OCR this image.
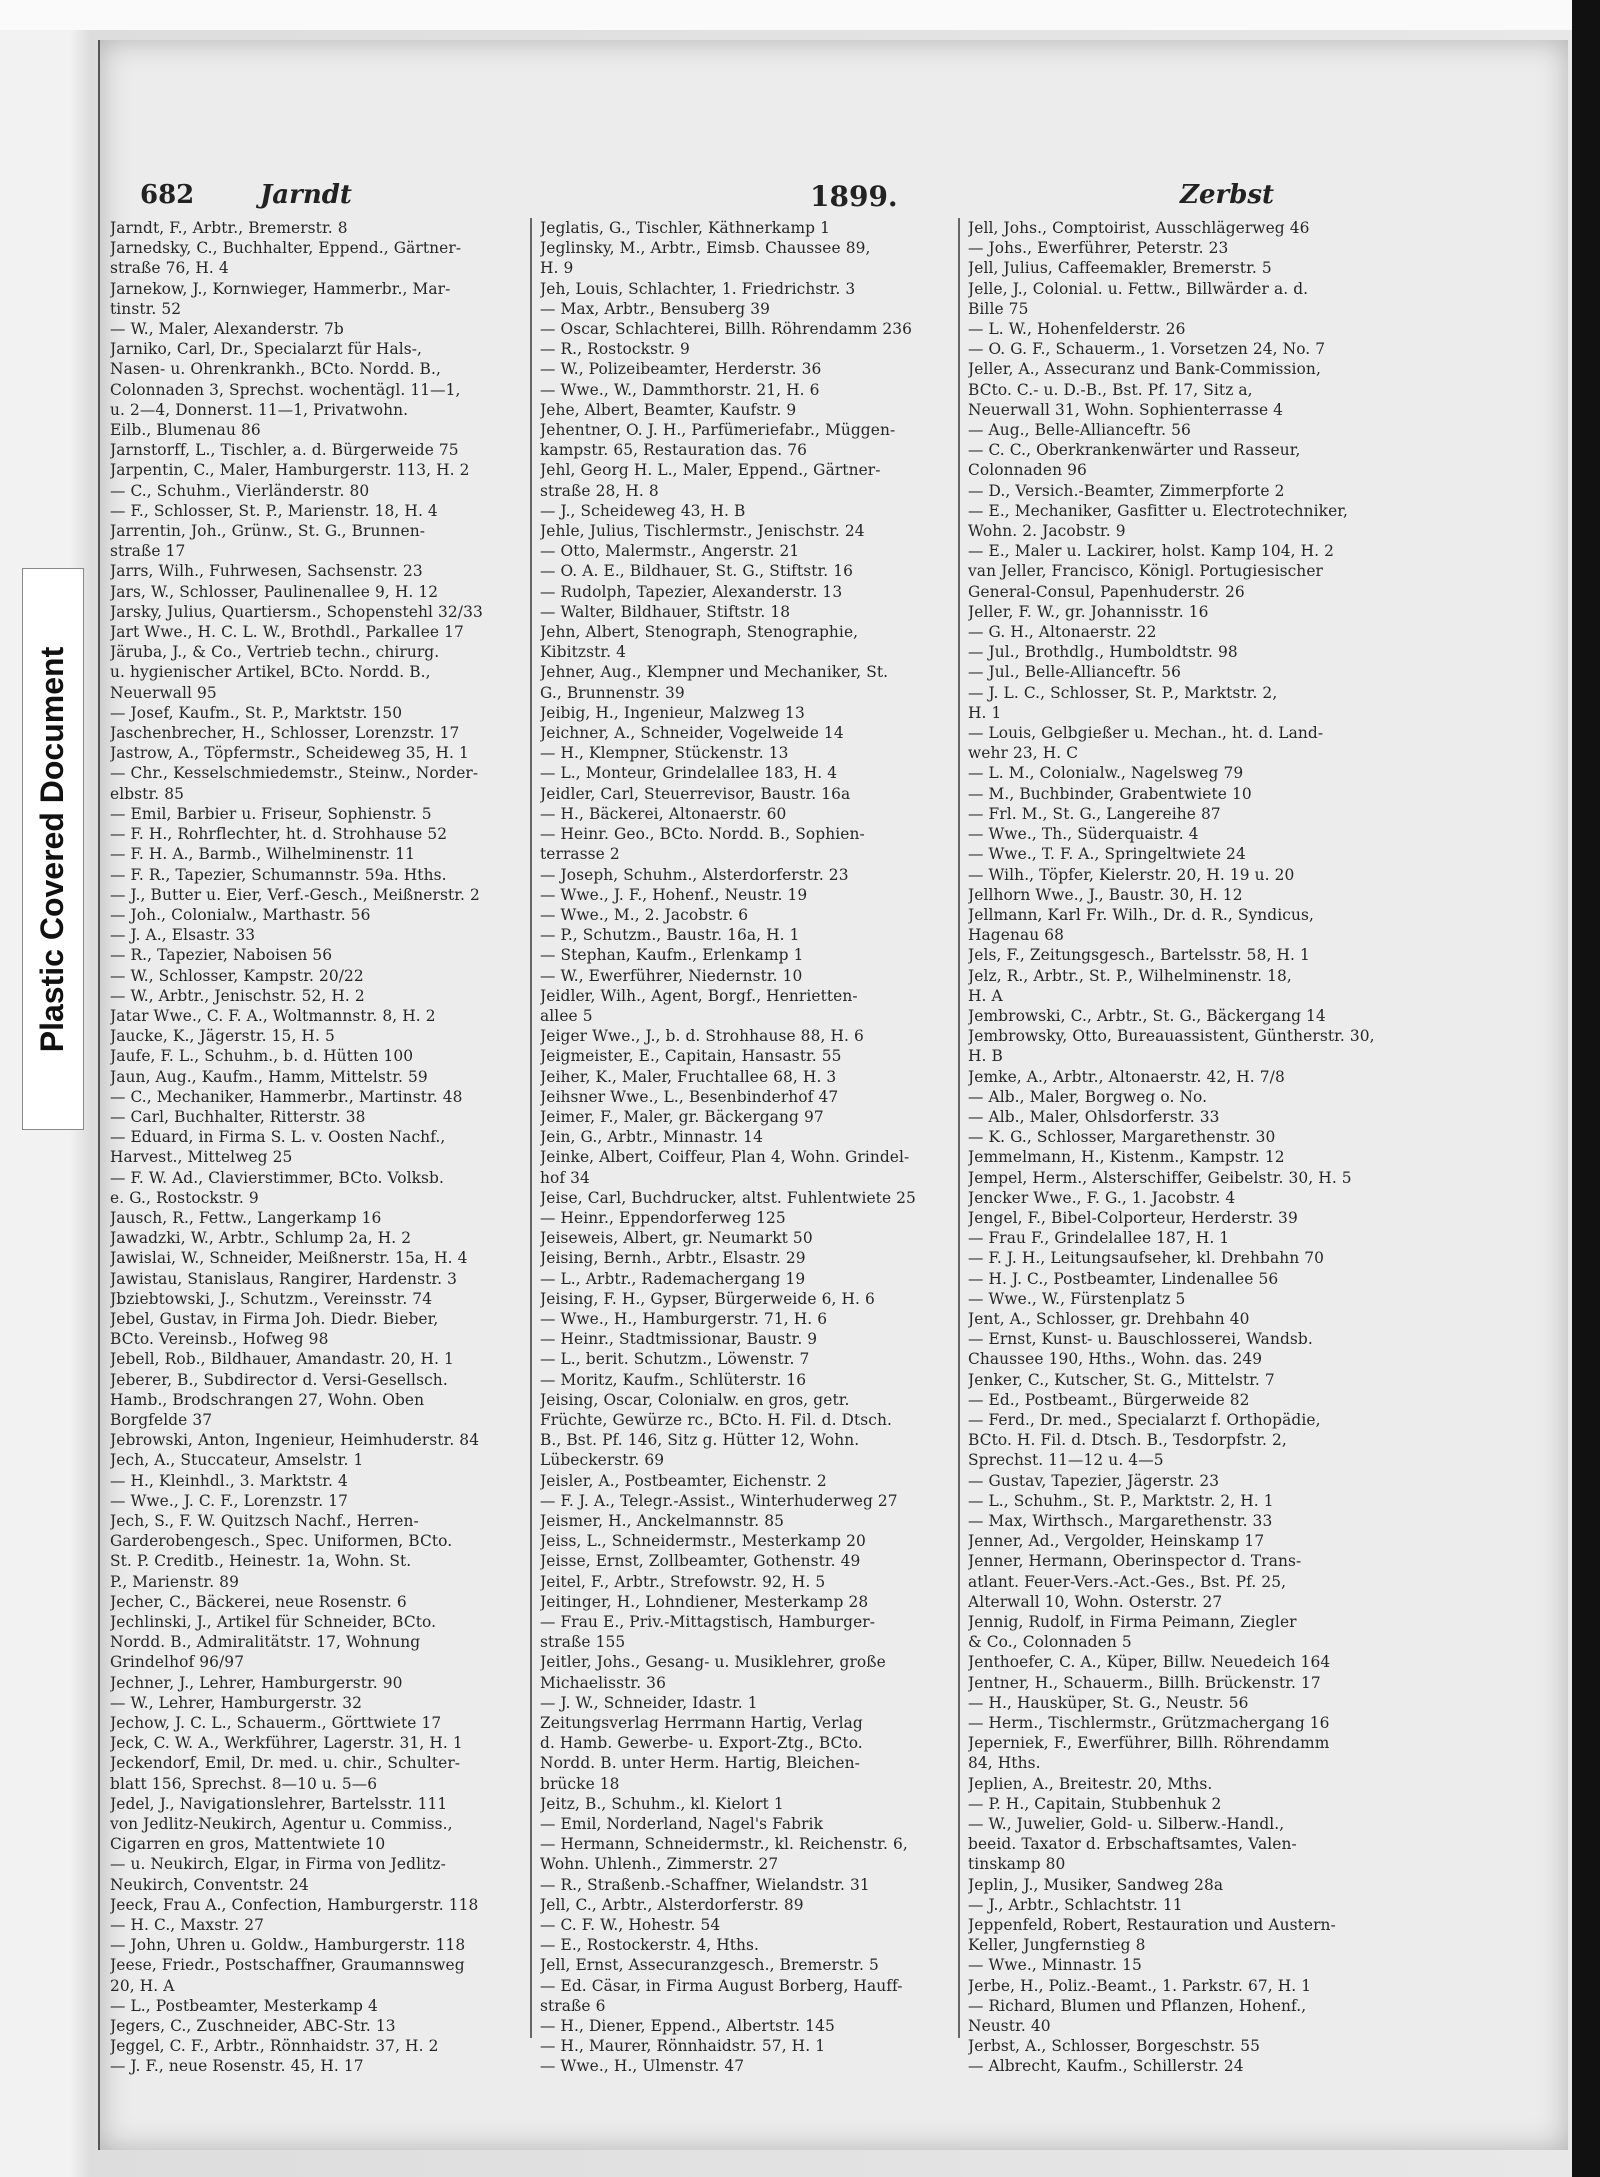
Plastic Covered Document
682	Jarndt	1899.	Zerbst
Jarndt, F., Arbtr., Bremerstr. 8
Jarnedsky, C., Buchhalter, Eppend., Gärtner-
straße 76, H. 4
Jarnekow, J., Kornwieger, Hammerbr., Mar-
tinstr. 52
— W., Maler, Alexanderstr. 7b
Jarniko, Carl, Dr., Specialarzt für Hals-,
Nasen- u. Ohrenkrankh., BCto. Nordd. B.,
Colonnaden 3, Sprechst. wochentägl. 11—1,
u. 2—4, Donnerst. 11—1, Privatwohn.
Eilb., Blumenau 86
Jarnstorff, L., Tischler, a. d. Bürgerweide 75
Jarpentin, C., Maler, Hamburgerstr. 113, H. 2
— C., Schuhm., Vierländerstr. 80
— F., Schlosser, St. P., Marienstr. 18, H. 4
Jarrentin, Joh., Grünw., St. G., Brunnen-
straße 17
Jarrs, Wilh., Fuhrwesen, Sachsenstr. 23
Jars, W., Schlosser, Paulinenallee 9, H. 12
Jarsky, Julius, Quartiersm., Schopenstehl 32/33
Jart Wwe., H. C. L. W., Brothdl., Parkallee 17
Järuba, J., & Co., Vertrieb techn., chirurg.
u. hygienischer Artikel, BCto. Nordd. B.,
Neuerwall 95
— Josef, Kaufm., St. P., Marktstr. 150
Jaschenbrecher, H., Schlosser, Lorenzstr. 17
Jastrow, A., Töpfermstr., Scheideweg 35, H. 1
— Chr., Kesselschmiedemstr., Steinw., Norder-
elbstr. 85
— Emil, Barbier u. Friseur, Sophienstr. 5
— F. H., Rohrflechter, ht. d. Strohhause 52
— F. H. A., Barmb., Wilhelminenstr. 11
— F. R., Tapezier, Schumannstr. 59a. Hths.
— J., Butter u. Eier, Verf.-Gesch., Meißnerstr. 2
— Joh., Colonialw., Marthastr. 56
— J. A., Elsastr. 33
— R., Tapezier, Naboisen 56
— W., Schlosser, Kampstr. 20/22
— W., Arbtr., Jenischstr. 52, H. 2
Jatar Wwe., C. F. A., Woltmannstr. 8, H. 2
Jaucke, K., Jägerstr. 15, H. 5
Jaufe, F. L., Schuhm., b. d. Hütten 100
Jaun, Aug., Kaufm., Hamm, Mittelstr. 59
— C., Mechaniker, Hammerbr., Martinstr. 48
— Carl, Buchhalter, Ritterstr. 38
— Eduard, in Firma S. L. v. Oosten Nachf.,
Harvest., Mittelweg 25
— F. W. Ad., Clavierstimmer, BCto. Volksb.
e. G., Rostockstr. 9
Jausch, R., Fettw., Langerkamp 16
Jawadzki, W., Arbtr., Schlump 2a, H. 2
Jawislai, W., Schneider, Meißnerstr. 15a, H. 4
Jawistau, Stanislaus, Rangirer, Hardenstr. 3
Jbziebtowski, J., Schutzm., Vereinsstr. 74
Jebel, Gustav, in Firma Joh. Diedr. Bieber,
BCto. Vereinsb., Hofweg 98
Jebell, Rob., Bildhauer, Amandastr. 20, H. 1
Jeberer, B., Subdirector d. Versi-Gesellsch.
Hamb., Brodschrangen 27, Wohn. Oben
Borgfelde 37
Jebrowski, Anton, Ingenieur, Heimhuderstr. 84
Jech, A., Stuccateur, Amselstr. 1
— H., Kleinhdl., 3. Marktstr. 4
— Wwe., J. C. F., Lorenzstr. 17
Jech, S., F. W. Quitzsch Nachf., Herren-
Garderobengesch., Spec. Uniformen, BCto.
St. P. Creditb., Heinestr. 1a, Wohn. St.
P., Marienstr. 89
Jecher, C., Bäckerei, neue Rosenstr. 6
Jechlinski, J., Artikel für Schneider, BCto.
Nordd. B., Admiralitätstr. 17, Wohnung
Grindelhof 96/97
Jechner, J., Lehrer, Hamburgerstr. 90
— W., Lehrer, Hamburgerstr. 32
Jechow, J. C. L., Schauerm., Görttwiete 17
Jeck, C. W. A., Werkführer, Lagerstr. 31, H. 1
Jeckendorf, Emil, Dr. med. u. chir., Schulter-
blatt 156, Sprechst. 8—10 u. 5—6
Jedel, J., Navigationslehrer, Bartelsstr. 111
von Jedlitz-Neukirch, Agentur u. Commiss.,
Cigarren en gros, Mattentwiete 10
— u. Neukirch, Elgar, in Firma von Jedlitz-
Neukirch, Conventstr. 24
Jeeck, Frau A., Confection, Hamburgerstr. 118
— H. C., Maxstr. 27
— John, Uhren u. Goldw., Hamburgerstr. 118
Jeese, Friedr., Postschaffner, Graumannsweg
20, H. A
— L., Postbeamter, Mesterkamp 4
Jegers, C., Zuschneider, ABC-Str. 13
Jeggel, C. F., Arbtr., Rönnhaidstr. 37, H. 2
— J. F., neue Rosenstr. 45, H. 17
Jeglatis, G., Tischler, Käthnerkamp 1
Jeglinsky, M., Arbtr., Eimsb. Chaussee 89,
H. 9
Jeh, Louis, Schlachter, 1. Friedrichstr. 3
— Max, Arbtr., Bensuberg 39
— Oscar, Schlachterei, Billh. Röhrendamm 236
— R., Rostockstr. 9
— W., Polizeibeamter, Herderstr. 36
— Wwe., W., Dammthorstr. 21, H. 6
Jehe, Albert, Beamter, Kaufstr. 9
Jehentner, O. J. H., Parfümeriefabr., Müggen-
kampstr. 65, Restauration das. 76
Jehl, Georg H. L., Maler, Eppend., Gärtner-
straße 28, H. 8
— J., Scheideweg 43, H. B
Jehle, Julius, Tischlermstr., Jenischstr. 24
— Otto, Malermstr., Angerstr. 21
— O. A. E., Bildhauer, St. G., Stiftstr. 16
— Rudolph, Tapezier, Alexanderstr. 13
— Walter, Bildhauer, Stiftstr. 18
Jehn, Albert, Stenograph, Stenographie,
Kibitzstr. 4
Jehner, Aug., Klempner und Mechaniker, St.
G., Brunnenstr. 39
Jeibig, H., Ingenieur, Malzweg 13
Jeichner, A., Schneider, Vogelweide 14
— H., Klempner, Stückenstr. 13
— L., Monteur, Grindelallee 183, H. 4
Jeidler, Carl, Steuerrevisor, Baustr. 16a
— H., Bäckerei, Altonaerstr. 60
— Heinr. Geo., BCto. Nordd. B., Sophien-
terrasse 2
— Joseph, Schuhm., Alsterdorferstr. 23
— Wwe., J. F., Hohenf., Neustr. 19
— Wwe., M., 2. Jacobstr. 6
— P., Schutzm., Baustr. 16a, H. 1
— Stephan, Kaufm., Erlenkamp 1
— W., Ewerführer, Niedernstr. 10
Jeidler, Wilh., Agent, Borgf., Henrietten-
allee 5
Jeiger Wwe., J., b. d. Strohhause 88, H. 6
Jeigmeister, E., Capitain, Hansastr. 55
Jeiher, K., Maler, Fruchtallee 68, H. 3
Jeihsner Wwe., L., Besenbinderhof 47
Jeimer, F., Maler, gr. Bäckergang 97
Jein, G., Arbtr., Minnastr. 14
Jeinke, Albert, Coiffeur, Plan 4, Wohn. Grindel-
hof 34
Jeise, Carl, Buchdrucker, altst. Fuhlentwiete 25
— Heinr., Eppendorferweg 125
Jeiseweis, Albert, gr. Neumarkt 50
Jeising, Bernh., Arbtr., Elsastr. 29
— L., Arbtr., Rademachergang 19
Jeising, F. H., Gypser, Bürgerweide 6, H. 6
— Wwe., H., Hamburgerstr. 71, H. 6
— Heinr., Stadtmissionar, Baustr. 9
— L., berit. Schutzm., Löwenstr. 7
— Moritz, Kaufm., Schlüterstr. 16
Jeising, Oscar, Colonialw. en gros, getr.
Früchte, Gewürze rc., BCto. H. Fil. d. Dtsch.
B., Bst. Pf. 146, Sitz g. Hütter 12, Wohn.
Lübeckerstr. 69
Jeisler, A., Postbeamter, Eichenstr. 2
— F. J. A., Telegr.-Assist., Winterhuderweg 27
Jeismer, H., Anckelmannstr. 85
Jeiss, L., Schneidermstr., Mesterkamp 20
Jeisse, Ernst, Zollbeamter, Gothenstr. 49
Jeitel, F., Arbtr., Strefowstr. 92, H. 5
Jeitinger, H., Lohndiener, Mesterkamp 28
— Frau E., Priv.-Mittagstisch, Hamburger-
straße 155
Jeitler, Johs., Gesang- u. Musiklehrer, große
Michaelisstr. 36
— J. W., Schneider, Idastr. 1
Zeitungsverlag Herrmann Hartig, Verlag
d. Hamb. Gewerbe- u. Export-Ztg., BCto.
Nordd. B. unter Herm. Hartig, Bleichen-
brücke 18
Jeitz, B., Schuhm., kl. Kielort 1
— Emil, Norderland, Nagel's Fabrik
— Hermann, Schneidermstr., kl. Reichenstr. 6,
Wohn. Uhlenh., Zimmerstr. 27
— R., Straßenb.-Schaffner, Wielandstr. 31
Jell, C., Arbtr., Alsterdorferstr. 89
— C. F. W., Hohestr. 54
— E., Rostockerstr. 4, Hths.
Jell, Ernst, Assecuranzgesch., Bremerstr. 5
— Ed. Cäsar, in Firma August Borberg, Hauff-
straße 6
— H., Diener, Eppend., Albertstr. 145
— H., Maurer, Rönnhaidstr. 57, H. 1
— Wwe., H., Ulmenstr. 47
Jell, Johs., Comptoirist, Ausschlägerweg 46
— Johs., Ewerführer, Peterstr. 23
Jell, Julius, Caffeemakler, Bremerstr. 5
Jelle, J., Colonial. u. Fettw., Billwärder a. d.
Bille 75
— L. W., Hohenfelderstr. 26
— O. G. F., Schauerm., 1. Vorsetzen 24, No. 7
Jeller, A., Assecuranz und Bank-Commission,
BCto. C.- u. D.-B., Bst. Pf. 17, Sitz a,
Neuerwall 31, Wohn. Sophienterrasse 4
— Aug., Belle-Allianceftr. 56
— C. C., Oberkrankenwärter und Rasseur,
Colonnaden 96
— D., Versich.-Beamter, Zimmerpforte 2
— E., Mechaniker, Gasfitter u. Electrotechniker,
Wohn. 2. Jacobstr. 9
— E., Maler u. Lackirer, holst. Kamp 104, H. 2
van Jeller, Francisco, Königl. Portugiesischer
General-Consul, Papenhuderstr. 26
Jeller, F. W., gr. Johannisstr. 16
— G. H., Altonaerstr. 22
— Jul., Brothdlg., Humboldtstr. 98
— Jul., Belle-Allianceftr. 56
— J. L. C., Schlosser, St. P., Marktstr. 2,
H. 1
— Louis, Gelbgießer u. Mechan., ht. d. Land-
wehr 23, H. C
— L. M., Colonialw., Nagelsweg 79
— M., Buchbinder, Grabentwiete 10
— Frl. M., St. G., Langereihe 87
— Wwe., Th., Süderquaistr. 4
— Wwe., T. F. A., Springeltwiete 24
— Wilh., Töpfer, Kielerstr. 20, H. 19 u. 20
Jellhorn Wwe., J., Baustr. 30, H. 12
Jellmann, Karl Fr. Wilh., Dr. d. R., Syndicus,
Hagenau 68
Jels, F., Zeitungsgesch., Bartelsstr. 58, H. 1
Jelz, R., Arbtr., St. P., Wilhelminenstr. 18,
H. A
Jembrowski, C., Arbtr., St. G., Bäckergang 14
Jembrowsky, Otto, Bureauassistent, Güntherstr. 30,
H. B
Jemke, A., Arbtr., Altonaerstr. 42, H. 7/8
— Alb., Maler, Borgweg o. No.
— Alb., Maler, Ohlsdorferstr. 33
— K. G., Schlosser, Margarethenstr. 30
Jemmelmann, H., Kistenm., Kampstr. 12
Jempel, Herm., Alsterschiffer, Geibelstr. 30, H. 5
Jencker Wwe., F. G., 1. Jacobstr. 4
Jengel, F., Bibel-Colporteur, Herderstr. 39
— Frau F., Grindelallee 187, H. 1
— F. J. H., Leitungsaufseher, kl. Drehbahn 70
— H. J. C., Postbeamter, Lindenallee 56
— Wwe., W., Fürstenplatz 5
Jent, A., Schlosser, gr. Drehbahn 40
— Ernst, Kunst- u. Bauschlosserei, Wandsb.
Chaussee 190, Hths., Wohn. das. 249
Jenker, C., Kutscher, St. G., Mittelstr. 7
— Ed., Postbeamt., Bürgerweide 82
— Ferd., Dr. med., Specialarzt f. Orthopädie,
BCto. H. Fil. d. Dtsch. B., Tesdorpfstr. 2,
Sprechst. 11—12 u. 4—5
— Gustav, Tapezier, Jägerstr. 23
— L., Schuhm., St. P., Marktstr. 2, H. 1
— Max, Wirthsch., Margarethenstr. 33
Jenner, Ad., Vergolder, Heinskamp 17
Jenner, Hermann, Oberinspector d. Trans-
atlant. Feuer-Vers.-Act.-Ges., Bst. Pf. 25,
Alterwall 10, Wohn. Osterstr. 27
Jennig, Rudolf, in Firma Peimann, Ziegler
& Co., Colonnaden 5
Jenthoefer, C. A., Küper, Billw. Neuedeich 164
Jentner, H., Schauerm., Billh. Brückenstr. 17
— H., Hausküper, St. G., Neustr. 56
— Herm., Tischlermstr., Grützmachergang 16
Jeperniek, F., Ewerführer, Billh. Röhrendamm
84, Hths.
Jeplien, A., Breitestr. 20, Mths.
— P. H., Capitain, Stubbenhuk 2
— W., Juwelier, Gold- u. Silberw.-Handl.,
beeid. Taxator d. Erbschaftsamtes, Valen-
tinskamp 80
Jeplin, J., Musiker, Sandweg 28a
— J., Arbtr., Schlachtstr. 11
Jeppenfeld, Robert, Restauration und Austern-
Keller, Jungfernstieg 8
— Wwe., Minnastr. 15
Jerbe, H., Poliz.-Beamt., 1. Parkstr. 67, H. 1
— Richard, Blumen und Pflanzen, Hohenf.,
Neustr. 40
Jerbst, A., Schlosser, Borgeschstr. 55
— Albrecht, Kaufm., Schillerstr. 24
